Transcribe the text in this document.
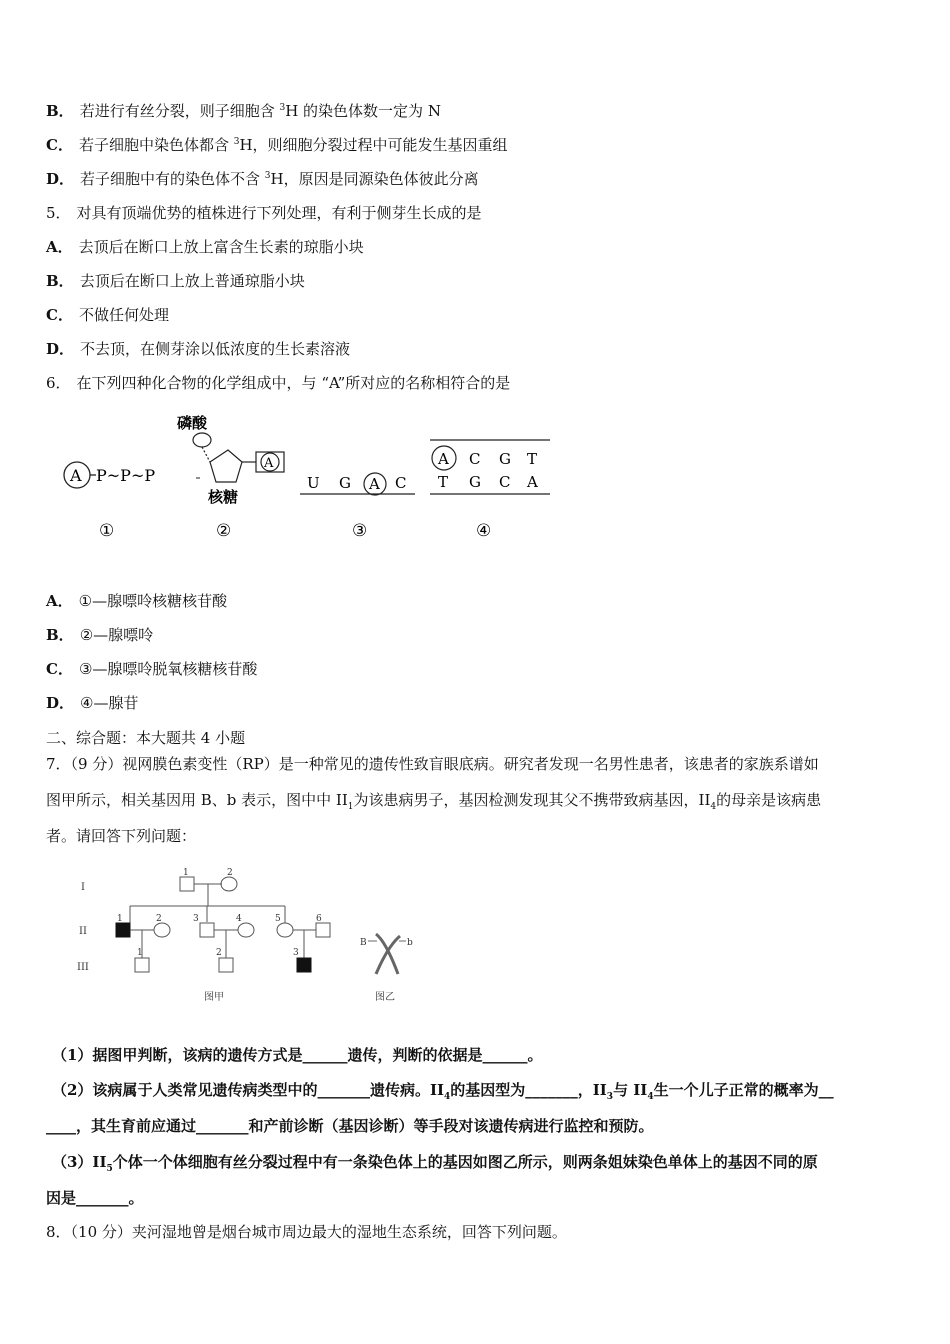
B． 若进行有丝分裂，则子细胞含 $^3$H 的染色体数一定为 N
C． 若子细胞中染色体都含 $^3$H，则细胞分裂过程中可能发生基因重组
D． 若子细胞中有的染色体不含 $^3$H，原因是同源染色体彼此分离
5． 对具有顶端优势的植株进行下列处理，有利于侧芽生长成的是
A． 去顶后在断口上放上富含生长素的琼脂小块
B． 去顶后在断口上放上普通琼脂小块
C． 不做任何处理
D． 不去顶，在侧芽涂以低浓度的生长素溶液
6． 在下列四种化合物的化学组成中，与 “A”所对应的名称相符合的是
A P~P~P
磷酸
A
核糖
U G A C
A C G T
T G C A
①	②	③	④
A． ①—腺嘌呤核糖核苷酸
B． ②—腺嘌呤
C． ③—腺嘌呤脱氧核糖核苷酸
D． ④—腺苷
二、综合题：本大题共 4 小题
7．（9 分）视网膜色素变性（RP）是一种常见的遗传性致盲眼底病。研究者发现一名男性患者，该患者的家族系谱如
图甲所示，相关基因用 B、b 表示，图中中 $II_1$为该患病男子，基因检测发现其父不携带致病基因，$II_4$的母亲是该病患
者。请回答下列问题：
I
II
III
1	2
1	2	3	4	5	6
1	2	3
B	b
图甲	图乙
（1）据图甲判断，该病的遗传方式是______遗传，判断的依据是______。
（2）该病属于人类常见遗传病类型中的_______遗传病。$II_4$的基因型为_______，$II_3$与 $II_4$生一个儿子正常的概率为__
____，其生育前应通过_______和产前诊断（基因诊断）等手段对该遗传病进行监控和预防。
$(3)II_5$个体一个体细胞有丝分裂过程中有一条染色体上的基因如图乙所示，则两条姐妹染色单体上的基因不同的原
因是_______。
8．（10 分）夹河湿地曾是烟台城市周边最大的湿地生态系统，回答下列问题。
